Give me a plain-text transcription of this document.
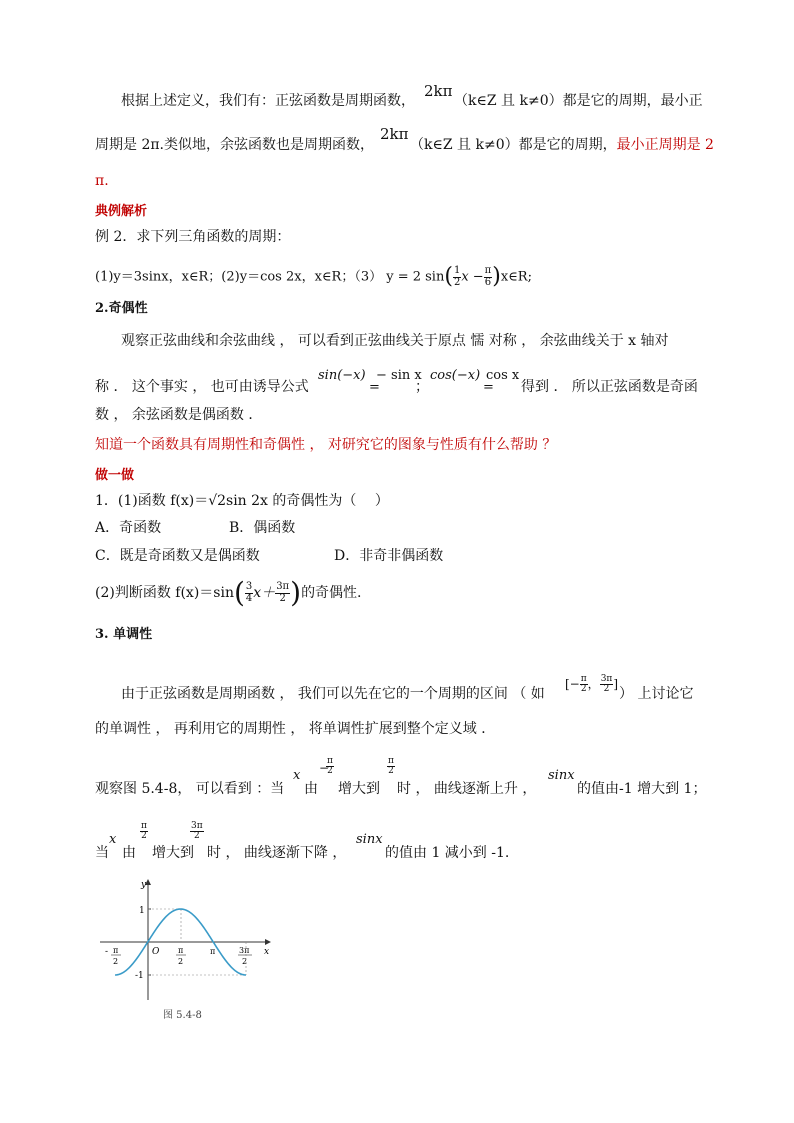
根据上述定义，我们有：正弦函数是周期函数，
2kπ
（k∈Z 且 k≠0）都是它的周期，最小正
周期是 2π.类似地，余弦函数也是周期函数，
2kπ
（k∈Z 且 k≠0）都是它的周期，最小正周期是 2
π.
典例解析
例 2．求下列三角函数的周期：
(1)y＝3sinx，x∈R；(2)y＝cos 2x，x∈R；（3） y = 2 $\sin( \frac{1}{2}$ $x - \frac{\pi}{6}$ )x∈R;
2.奇偶性
观察正弦曲线和余弦曲线 ， 可以看到正弦曲线关于原点 懦 对称 ， 余弦曲线关于 x 轴对
称 ． 这个事实 ， 也可由诱导公式
sin(−x)
=
− sin x
；
cos(−x)
=
cos x
得到 ． 所以正弦函数是奇函
数 ， 余弦函数是偶函数 ．
知道一个函数具有周期性和奇偶性 ， 对研究它的图象与性质有什么帮助 ？
做一做
1．(1)函数 f(x)＝√2sin 2x 的奇偶性为（　 ）
A．奇函数	B．偶函数
C．既是奇函数又是偶函数	D．非奇非偶函数
(2)判断函数 $f(x)=\sin( \frac{3}{4} x+ \frac{3\pi}{2}$ )的奇偶性.
3. 单调性
由于正弦函数是周期函数 ， 我们可以先在它的一个周期的区间 （ 如
[− $\frac{\pi}{2}$ ， $\frac{3\pi}{2}$ ]
） 上讨论它
的单调性 ， 再利用它的周期性 ， 将单调性扩展到整个定义域 ．
观察图 5.4-8， 可以看到 ：当
x
由
−
$\frac{\pi}{2}$
增大到
$\frac{\pi}{2}$
时 ， 曲线逐渐上升 ，
sinx
的值由-1 增大到 1；
当
x
由
$\frac{\pi}{2}$
增大到
$\frac{3\pi}{2}$
时 ， 曲线逐渐下降 ，
sinx
的值由 1 减小到 -1.
y
x
O
1
-1
- π
2
π
2
π	3π
2
图 5.4-8
